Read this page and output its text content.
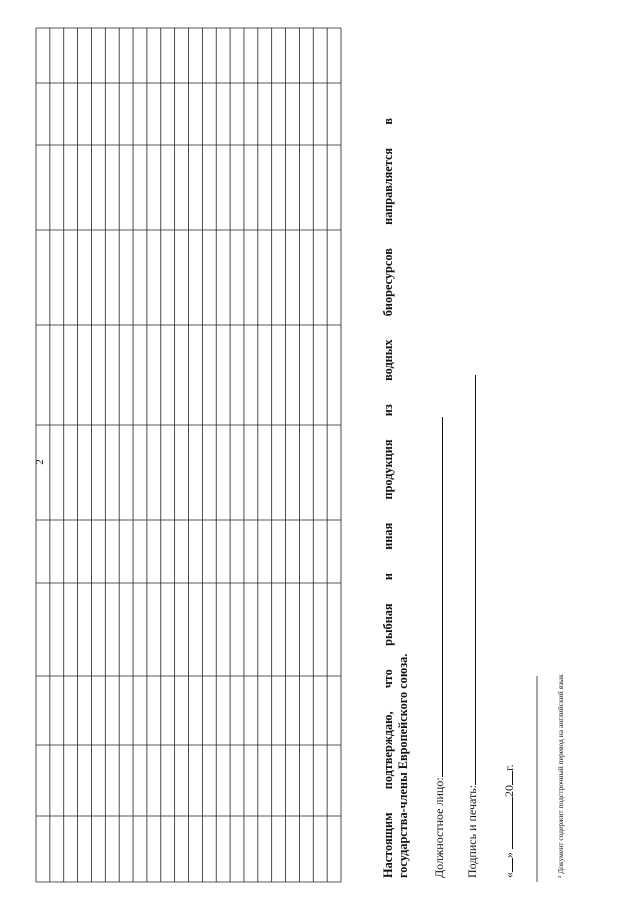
2	Настоящим подтверждаю, что рыбная и иная продукция из водных биоресурсов направляется в государства-члены Европейского союза. Должностное лицо: Подпись и печать: «» 20г.
² Документ содержит подстрочный перевод на английский язык
